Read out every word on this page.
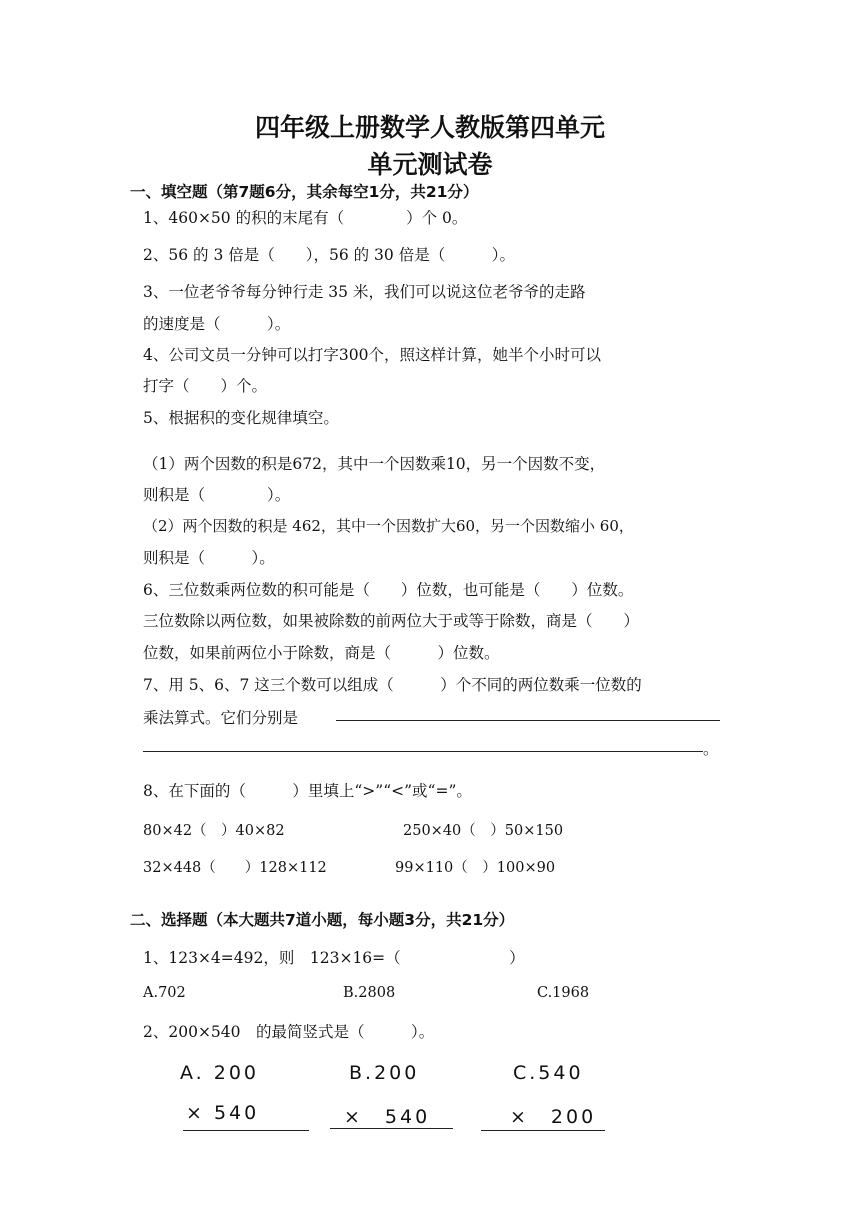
四年级上册数学人教版第四单元
单元测试卷
一、填空题（第7题6分，其余每空1分，共21分）
1、460×50 的积的末尾有（　　　　）个 0。
2、56 的 3 倍是（　　），56 的 30 倍是（　　　）。
3、一位老爷爷每分钟行走 35 米，我们可以说这位老爷爷的走路
的速度是（　　　）。
4、公司文员一分钟可以打字300个，照这样计算，她半个小时可以
打字（　　）个。
5、根据积的变化规律填空。
（1）两个因数的积是672，其中一个因数乘10，另一个因数不变，
则积是（　　　　）。
（2）两个因数的积是 462，其中一个因数扩大60，另一个因数缩小 60，
则积是（　　　）。
6、三位数乘两位数的积可能是（　　）位数，也可能是（　　）位数。
三位数除以两位数，如果被除数的前两位大于或等于除数，商是（　　）
位数，如果前两位小于除数，商是（　　　）位数。
7、用 5、6、7 这三个数可以组成（　　　）个不同的两位数乘一位数的
乘法算式。它们分别是
。
8、在下面的（　　　）里填上“>”“<”或“=”。
80×42（　）40×82	250×40（　）50×150
32×448（　　）128×112	99×110（　）100×90
二、选择题（本大题共7道小题，每小题3分，共21分）
1、123×4=492，则　123×16=（　　　　　　　）
A.702	B.2808	C.1968
2、200×540　的最简竖式是（　　　）。
A. 200
× 540
B.200
×　540
C.540
×　200
